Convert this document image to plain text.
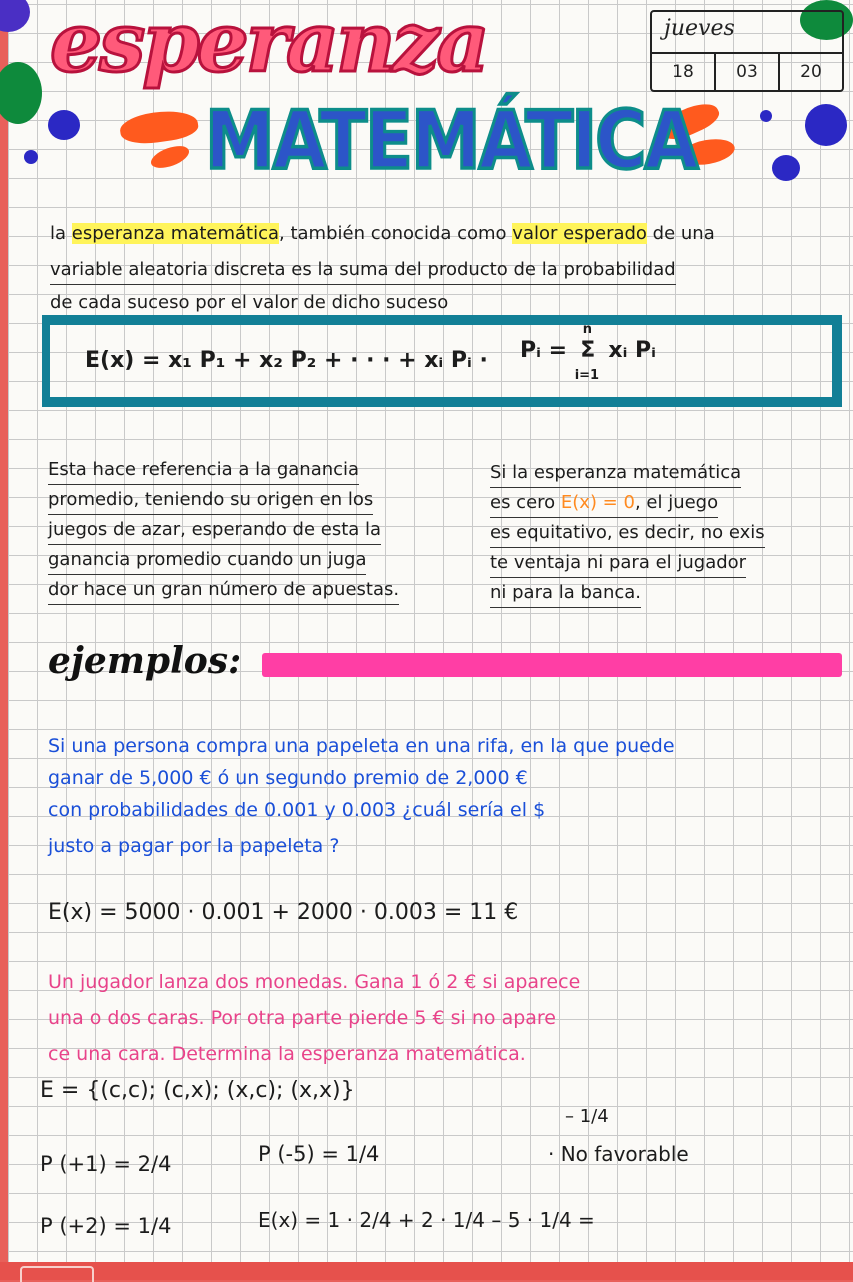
esperanza
MATEMÁTICA
jueves
18	03	20
la esperanza matemática, también conocida como valor esperado de una
variable aleatoria discreta es la suma del producto de la probabilidad
de cada suceso por el valor de dicho suceso
E(x) = x₁ P₁ + x₂ P₂ + · · · + xᵢ Pᵢ · Pᵢ =
n
Σ
i=1
xᵢ Pᵢ
Esta hace referencia a la ganancia
promedio, teniendo su origen en los
juegos de azar, esperando de esta la
ganancia promedio cuando un juga
dor hace un gran número de apuestas.
Si la esperanza matemática
es cero E(x) = 0, el juego
es equitativo, es decir, no exis
te ventaja ni para el jugador
ni para la banca.
ejemplos:
Si una persona compra una papeleta en una rifa, en la que puede
ganar de 5,000 € ó un segundo premio de 2,000 €
con probabilidades de 0.001 y 0.003 ¿cuál sería el $
justo a pagar por la papeleta ?
E(x) = 5000 · 0.001 + 2000 · 0.003 = 11 €
Un jugador lanza dos monedas. Gana 1 ó 2 € si aparece
una o dos caras. Por otra parte pierde 5 € si no apare
ce una cara. Determina la esperanza matemática.
E = {(c,c); (c,x); (x,c); (x,x)}
– 1/4
P (+1) = 2/4	P (-5) = 1/4	· No favorable
P (+2) = 1/4	E(x) = 1 · 2/4 + 2 · 1/4 – 5 · 1/4 =
